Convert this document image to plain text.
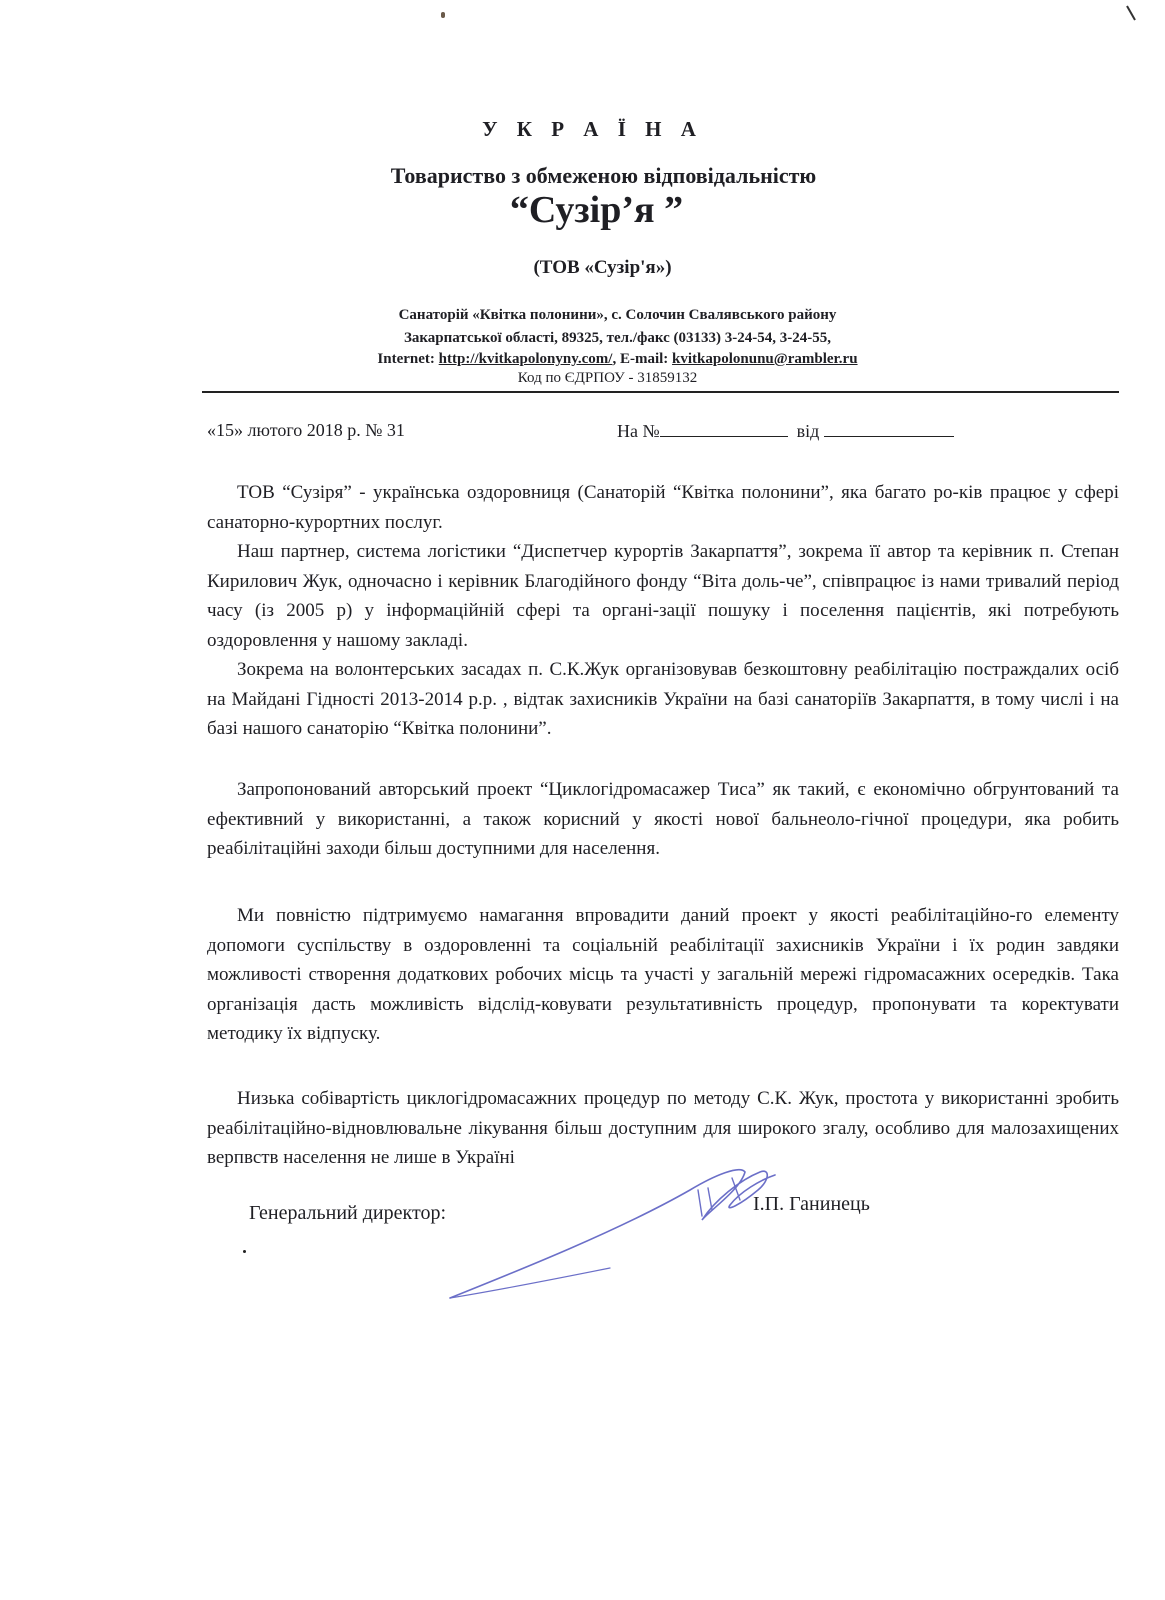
У К Р А Ї Н А
Товариство з обмеженою відповідальністю
“Сузір’я ”
(ТОВ «Сузір'я»)
Санаторій «Квітка полонини», с. Солочин Свалявського району
Закарпатської області, 89325, тел./факс (03133) 3-24-54, 3-24-55,
Internet: http://kvitkapolonyny.com/, E-mail: kvitkapolonunu@rambler.ru
Код по ЄДРПОУ - 31859132
«15» лютого 2018 р. № 31	На №	від
ТОВ “Сузіря” - українська оздоровниця (Санаторій “Квітка полонини”, яка багато ро-ків працює у сфері санаторно-курортних послуг.
Наш партнер, система логістики “Диспетчер курортів Закарпаття”, зокрема її автор та керівник п. Степан Кирилович Жук, одночасно і керівник Благодійного фонду “Віта доль-че”, співпрацює із нами тривалий період часу (із 2005 р) у інформаційній сфері та органі-зації пошуку і поселення пацієнтів, які потребують оздоровлення у нашому закладі.
Зокрема на волонтерських засадах п. С.К.Жук організовував безкоштовну реабілітацію постраждалих осіб на Майдані Гідності 2013-2014 р.р. , відтак захисників України на базі санаторіїв Закарпаття, в тому числі і на базі нашого санаторію “Квітка полонини”.
Запропонований авторський проект “Циклогідромасажер Тиса” як такий, є економічно обгрунтований та ефективний у використанні, а також корисний у якості нової бальнеоло-гічної процедури, яка робить реабілітаційні заходи більш доступними для населення.
Ми повністю підтримуємо намагання впровадити даний проект у якості реабілітаційно-го елементу допомоги суспільству в оздоровленні та соціальній реабілітації захисників України і їх родин завдяки можливості створення додаткових робочих місць та участі у загальній мережі гідромасажних осередків. Така організація дасть можливість відслід-ковувати результативність процедур, пропонувати та коректувати методику їх відпуску.
Низька собівартість циклогідромасажних процедур по методу С.К. Жук, простота у використанні зробить реабілітаційно-відновлювальне лікування більш доступним для широкого згалу, особливо для малозахищених верпвств населення не лише в Україні
Генеральний директор:	І.П. Ганинець
